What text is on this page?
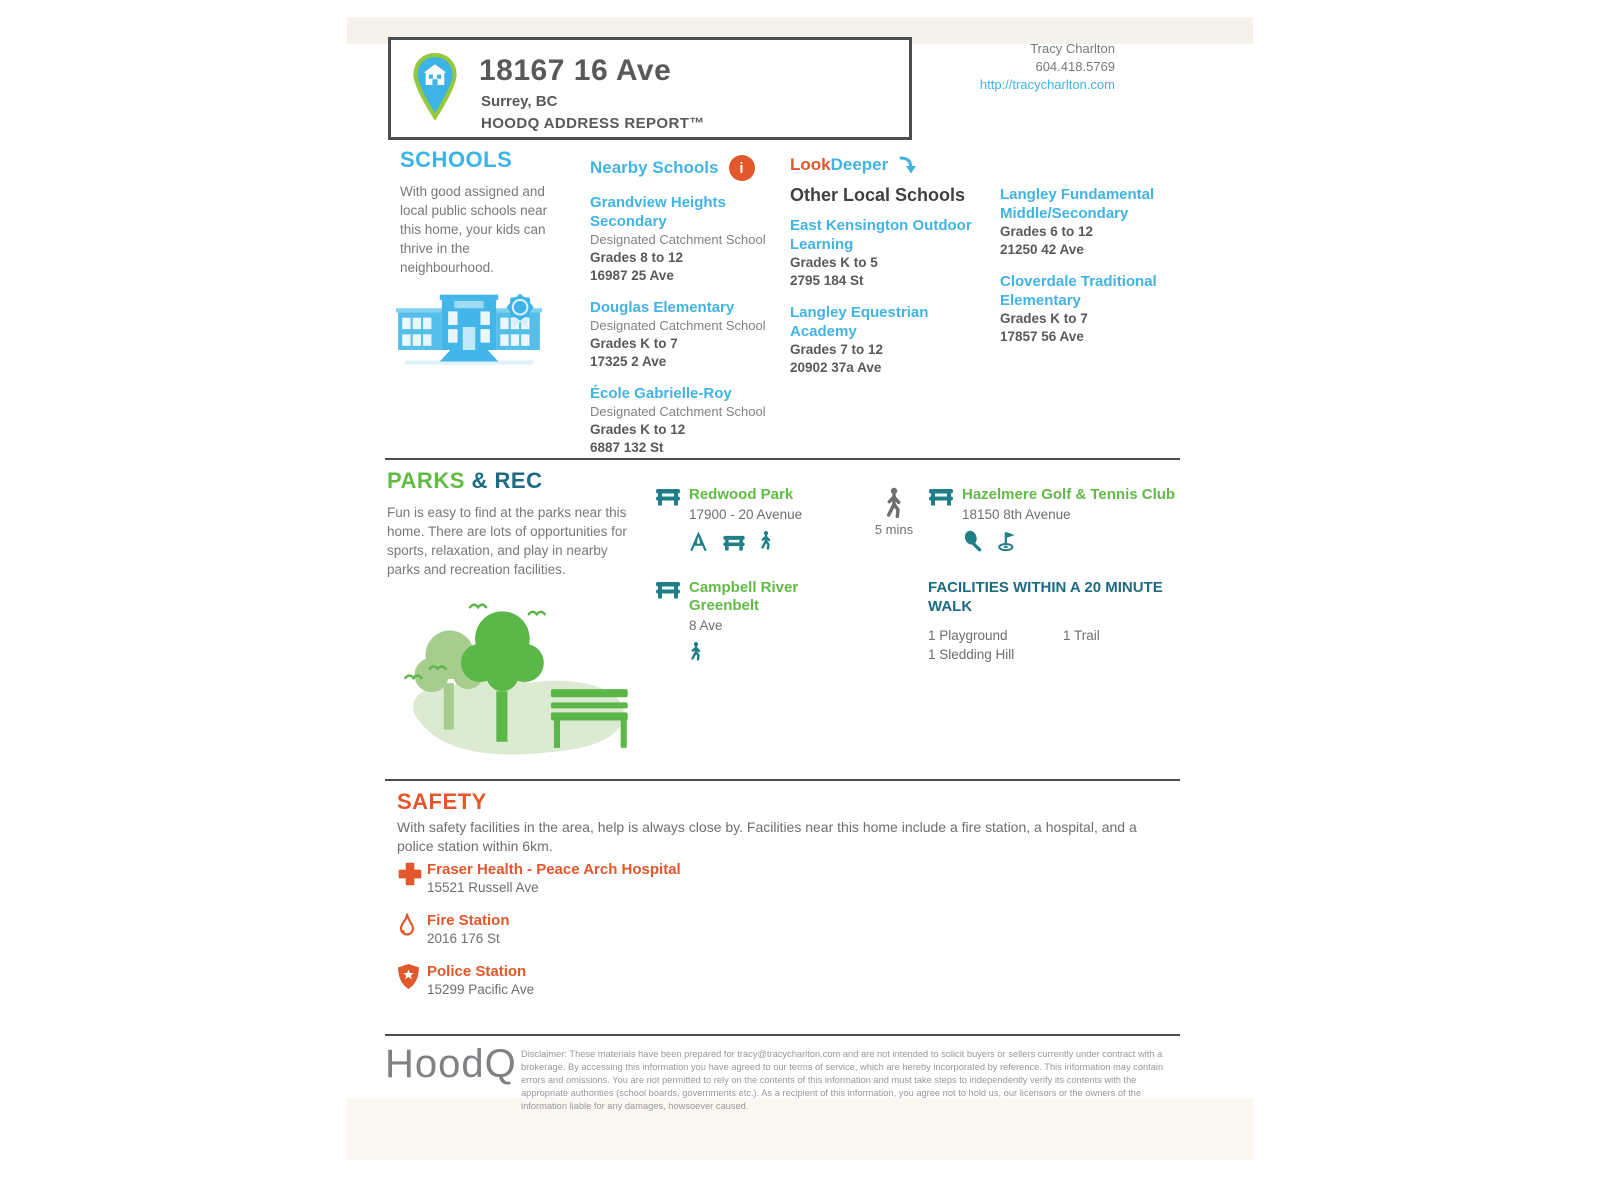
18167 16 Ave
Surrey, BC
HOODQ ADDRESS REPORT™
Tracy Charlton
604.418.5769
http://tracycharlton.com
SCHOOLS
With good assigned and local public schools near this home, your kids can thrive in the neighbourhood.
Nearby Schools	i
Grandview Heights Secondary
Designated Catchment School
Grades 8 to 12
16987 25 Ave
Douglas Elementary
Designated Catchment School
Grades K to 7
17325 2 Ave
École Gabrielle-Roy
Designated Catchment School
Grades K to 12
6887 132 St
Look Deeper
Other Local Schools
East Kensington Outdoor Learning
Grades K to 5
2795 184 St
Langley Equestrian Academy
Grades 7 to 12
20902 37a Ave
Langley Fundamental Middle/Secondary
Grades 6 to 12
21250 42 Ave
Cloverdale Traditional Elementary
Grades K to 7
17857 56 Ave
PARKS & REC
Fun is easy to find at the parks near this home. There are lots of opportunities for sports, relaxation, and play in nearby parks and recreation facilities.
Redwood Park
17900 - 20 Avenue
Campbell River Greenbelt
8 Ave
5 mins
Hazelmere Golf & Tennis Club
18150 8th Avenue
FACILITIES WITHIN A 20 MINUTE WALK
1 Playground
1 Sledding Hill
1 Trail
SAFETY
With safety facilities in the area, help is always close by. Facilities near this home include a fire station, a hospital, and a police station within 6km.
Fraser Health - Peace Arch Hospital
15521 Russell Ave
Fire Station
2016 176 St
Police Station
15299 Pacific Ave
HoodQ Disclaimer: These materials have been prepared for tracy@tracycharlton.com and are not intended to solicit buyers or sellers currently under contract with a brokerage. By accessing this information you have agreed to our terms of service, which are hereby incorporated by reference. This information may contain errors and omissions. You are not permitted to rely on the contents of this information and must take steps to independently verify its contents with the appropriate authorities (school boards, governments etc.). As a recipient of this information, you agree not to hold us, our licensors or the owners of the information liable for any damages, howsoever caused.
